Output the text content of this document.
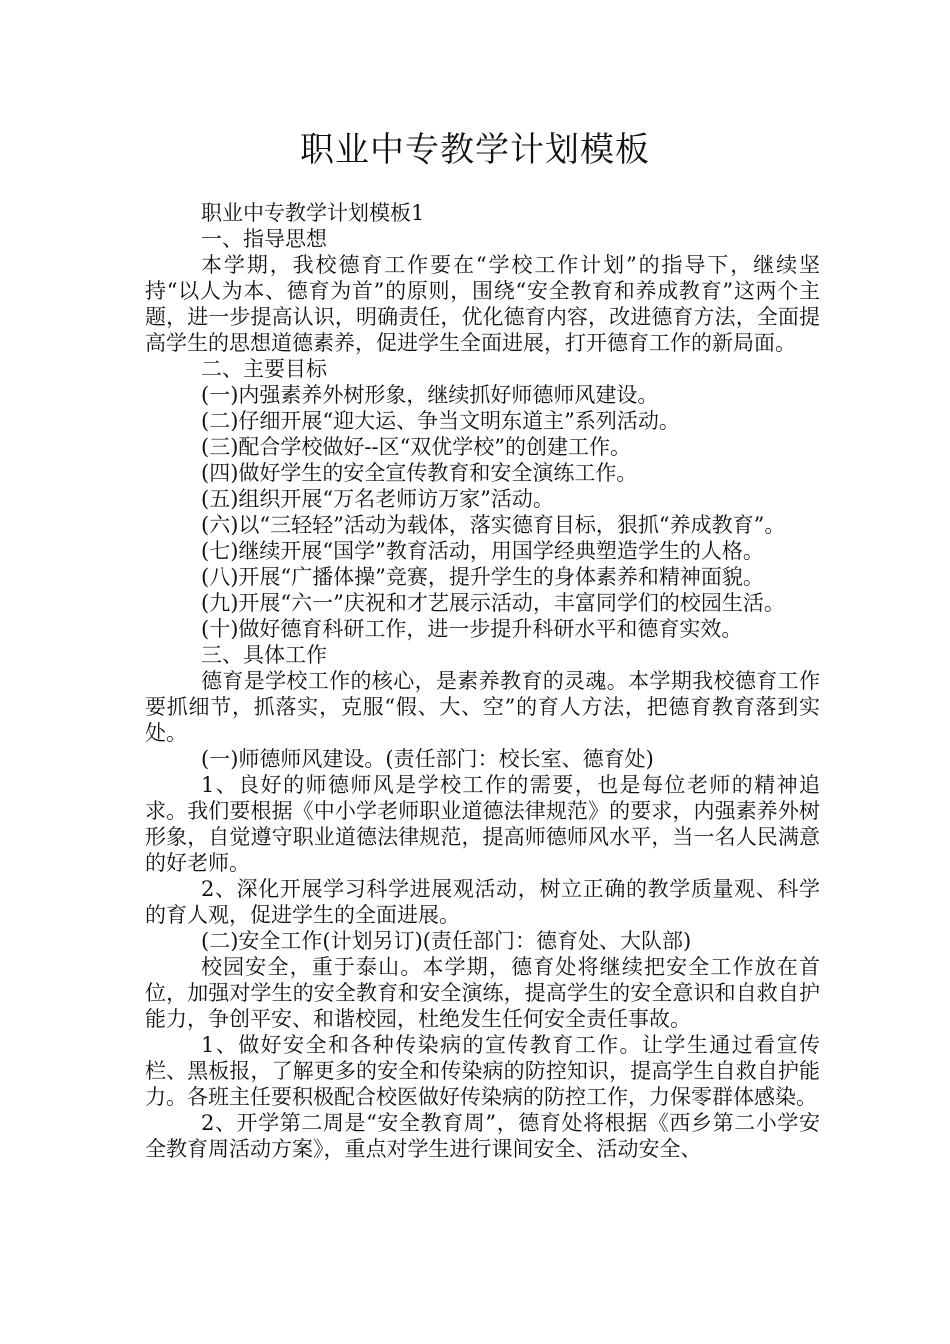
职业中专教学计划模板

职业中专教学计划模板1

一、指导思想

本学期，我校德育工作要在“学校工作计划”的指导下，继续坚持“以人为本、德育为首”的原则，围绕“安全教育和养成教育”这两个主题，进一步提高认识，明确责任，优化德育内容，改进德育方法，全面提高学生的思想道德素养，促进学生全面进展，打开德育工作的新局面。

二、主要目标

(一)内强素养外树形象，继续抓好师德师风建设。

(二)仔细开展“迎大运、争当文明东道主”系列活动。

(三)配合学校做好--区“双优学校”的创建工作。

(四)做好学生的安全宣传教育和安全演练工作。

(五)组织开展“万名老师访万家”活动。

(六)以“三轻轻”活动为载体，落实德育目标，狠抓“养成教育”。

(七)继续开展“国学”教育活动，用国学经典塑造学生的人格。

(八)开展“广播体操”竞赛，提升学生的身体素养和精神面貌。

(九)开展“六一”庆祝和才艺展示活动，丰富同学们的校园生活。

(十)做好德育科研工作，进一步提升科研水平和德育实效。

三、具体工作

德育是学校工作的核心，是素养教育的灵魂。本学期我校德育工作要抓细节，抓落实，克服“假、大、空”的育人方法，把德育教育落到实处。

(一)师德师风建设。(责任部门：校长室、德育处)

1、良好的师德师风是学校工作的需要，也是每位老师的精神追求。我们要根据《中小学老师职业道德法律规范》的要求，内强素养外树形象，自觉遵守职业道德法律规范，提高师德师风水平，当一名人民满意的好老师。

2、深化开展学习科学进展观活动，树立正确的教学质量观、科学的育人观，促进学生的全面进展。

(二)安全工作(计划另订)(责任部门：德育处、大队部)

校园安全，重于泰山。本学期，德育处将继续把安全工作放在首位，加强对学生的安全教育和安全演练，提高学生的安全意识和自救自护能力，争创平安、和谐校园，杜绝发生任何安全责任事故。

1、做好安全和各种传染病的宣传教育工作。让学生通过看宣传栏、黑板报，了解更多的安全和传染病的防控知识，提高学生自救自护能力。各班主任要积极配合校医做好传染病的防控工作，力保零群体感染。

2、开学第二周是“安全教育周”，德育处将根据《西乡第二小学安全教育周活动方案》，重点对学生进行课间安全、活动安全、
